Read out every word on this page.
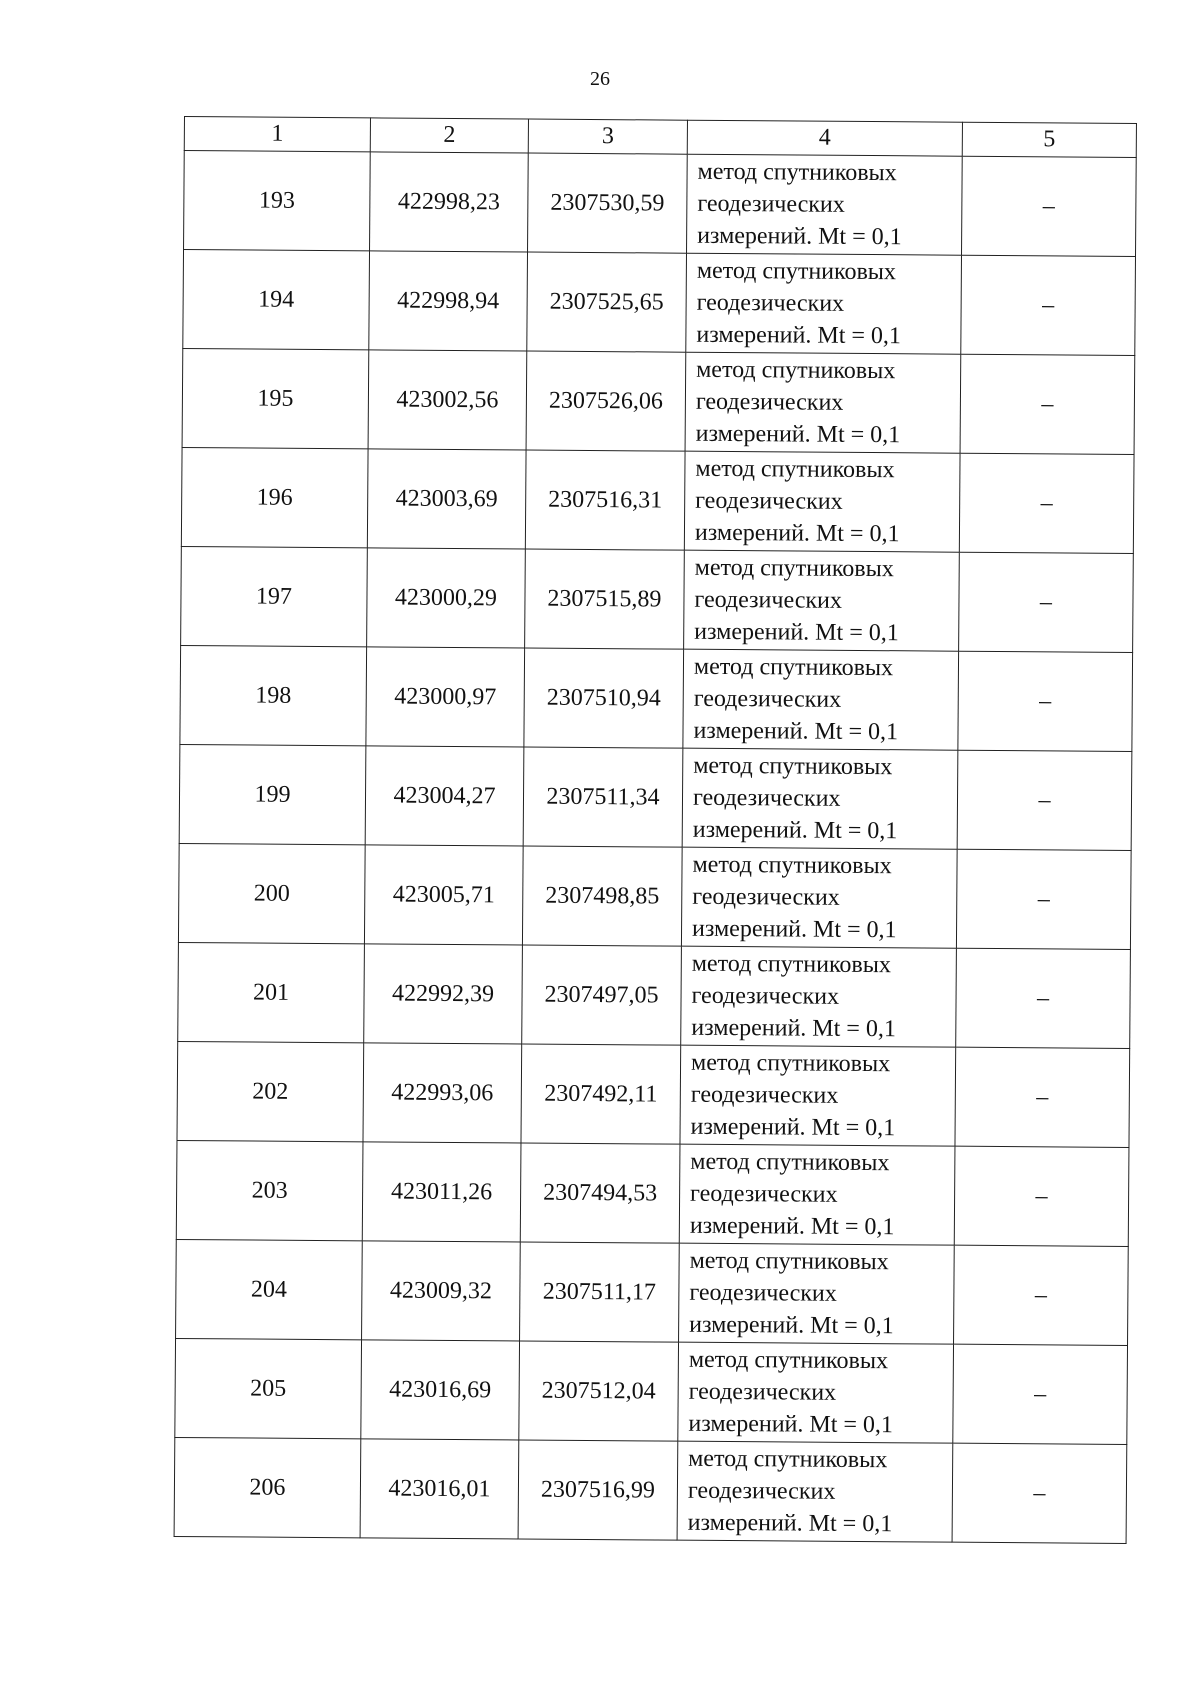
26
1	2	3	4	5
193	422998,23	2307530,59	метод спутниковых геодезических измерений. Mt = 0,1	–
194	422998,94	2307525,65	метод спутниковых геодезических измерений. Mt = 0,1	–
195	423002,56	2307526,06	метод спутниковых геодезических измерений. Mt = 0,1	–
196	423003,69	2307516,31	метод спутниковых геодезических измерений. Mt = 0,1	–
197	423000,29	2307515,89	метод спутниковых геодезических измерений. Mt = 0,1	–
198	423000,97	2307510,94	метод спутниковых геодезических измерений. Mt = 0,1	–
199	423004,27	2307511,34	метод спутниковых геодезических измерений. Mt = 0,1	–
200	423005,71	2307498,85	метод спутниковых геодезических измерений. Mt = 0,1	–
201	422992,39	2307497,05	метод спутниковых геодезических измерений. Mt = 0,1	–
202	422993,06	2307492,11	метод спутниковых геодезических измерений. Mt = 0,1	–
203	423011,26	2307494,53	метод спутниковых геодезических измерений. Mt = 0,1	–
204	423009,32	2307511,17	метод спутниковых геодезических измерений. Mt = 0,1	–
205	423016,69	2307512,04	метод спутниковых геодезических измерений. Mt = 0,1	–
206	423016,01	2307516,99	метод спутниковых геодезических измерений. Mt = 0,1	–
